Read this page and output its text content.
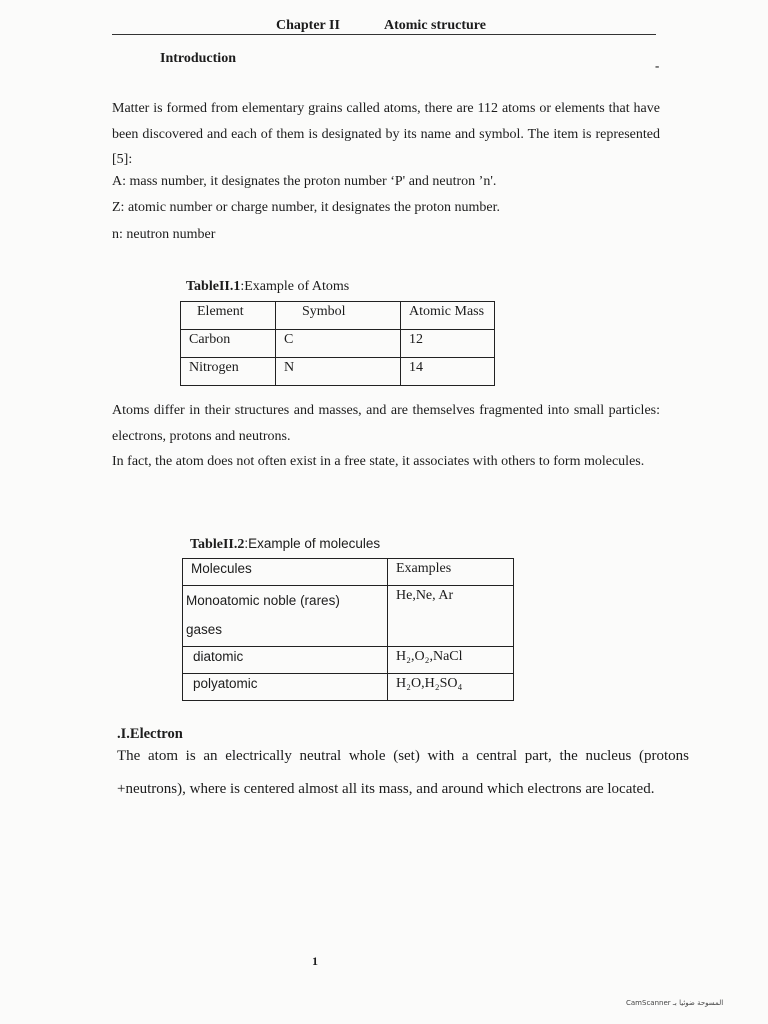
Chapter II	Atomic structure
Introduction	-
Matter is formed from elementary grains called atoms, there are 112 atoms or elements that have been discovered and each of them is designated by its name and symbol. The item is represented [5]:
A: mass number, it designates the proton number ‘P' and neutron ’n'.
Z: atomic number or charge number, it designates the proton number.
n: neutron number
TableII.1:Example of Atoms
Element	Symbol	Atomic Mass
Carbon	C	12
Nitrogen	N	14
Atoms differ in their structures and masses, and are themselves fragmented into small particles: electrons, protons and neutrons.
In fact, the atom does not often exist in a free state, it associates with others to form molecules.
TableII.2:Example of molecules
Molecules	Examples
Monoatomic noble (rares) gases	He,Ne, Ar
diatomic	H₂,O₂,NaCl
polyatomic	H₂O,H₂SO₄
.I.Electron
The atom is an electrically neutral whole (set) with a central part, the nucleus (protons +neutrons), where is centered almost all its mass, and around which electrons are located.
1
CamScanner المسوحة ضوئيا بـ
